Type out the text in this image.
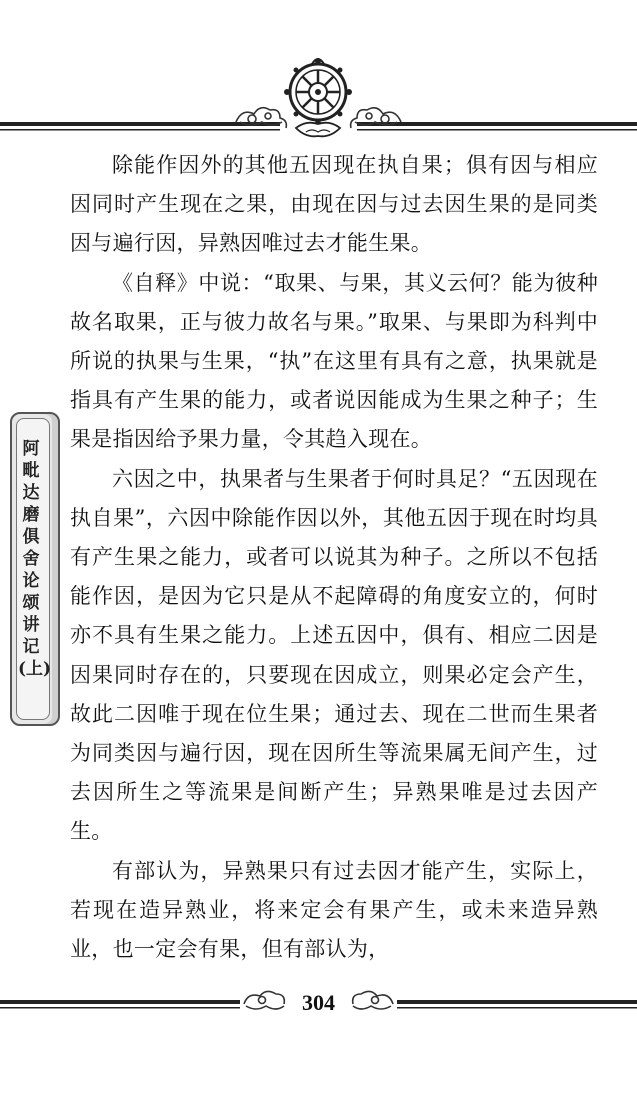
阿
毗
达
磨
俱
舍
论
颂
讲
记
(上)

除能作因外的其他五因现在执自果；俱有因与相应因同时产生现在之果，由现在因与过去因生果的是同类因与遍行因，异熟因唯过去才能生果。

《自释》中说：“取果、与果，其义云何？能为彼种故名取果，正与彼力故名与果。”取果、与果即为科判中所说的执果与生果，“执”在这里有具有之意，执果就是指具有产生果的能力，或者说因能成为生果之种子；生果是指因给予果力量，令其趋入现在。

六因之中，执果者与生果者于何时具足？“五因现在执自果”，六因中除能作因以外，其他五因于现在时均具有产生果之能力，或者可以说其为种子。之所以不包括能作因，是因为它只是从不起障碍的角度安立的，何时亦不具有生果之能力。上述五因中，俱有、相应二因是因果同时存在的，只要现在因成立，则果必定会产生，故此二因唯于现在位生果；通过去、现在二世而生果者为同类因与遍行因，现在因所生等流果属无间产生，过去因所生之等流果是间断产生；异熟果唯是过去因产生。

有部认为，异熟果只有过去因才能产生，实际上，若现在造异熟业，将来定会有果产生，或未来造异熟业，也一定会有果，但有部认为，

304
